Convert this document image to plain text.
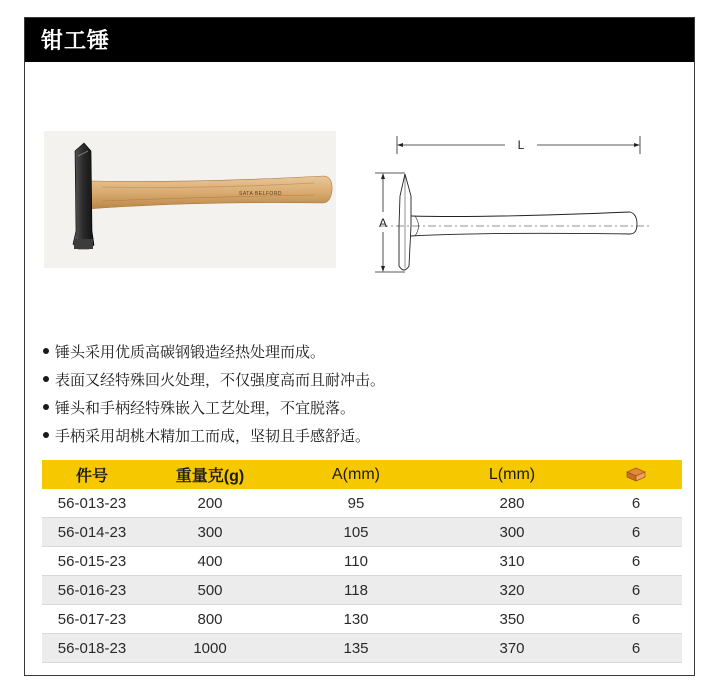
钳工锤
SATA BELFORD
L
A
锤头采用优质高碳钢锻造经热处理而成。
表面又经特殊回火处理，不仅强度高而且耐冲击。
锤头和手柄经特殊嵌入工艺处理，不宜脱落。
手柄采用胡桃木精加工而成，坚韧且手感舒适。
件号	重量克(g)	A(mm)	L(mm)	
56-013-23	200	95	280	6
56-014-23	300	105	300	6
56-015-23	400	110	310	6
56-016-23	500	118	320	6
56-017-23	800	130	350	6
56-018-23	1000	135	370	6
